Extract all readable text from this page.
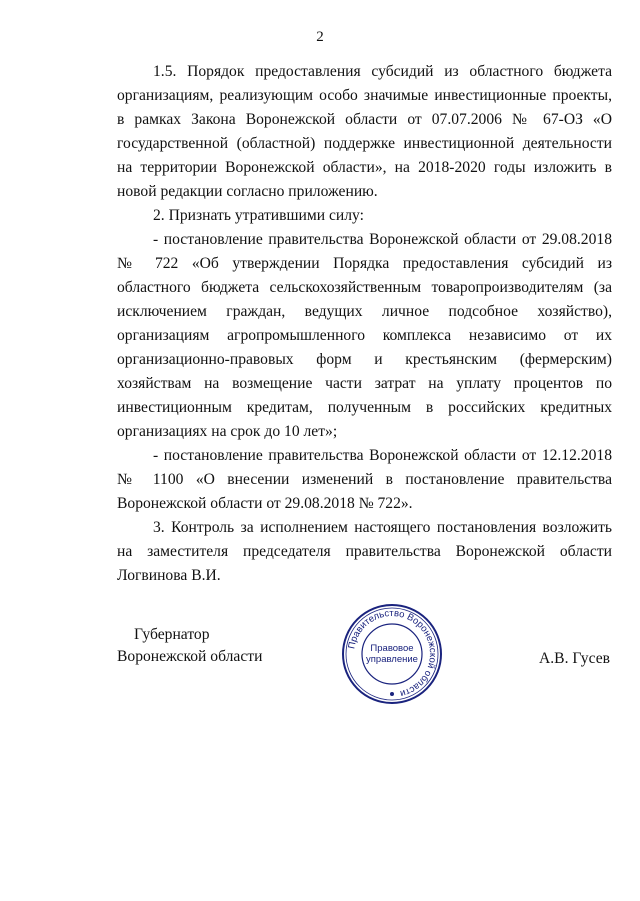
2

1.5. Порядок предоставления субсидий из областного бюджета организациям, реализующим особо значимые инвестиционные проекты, в рамках Закона Воронежской области от 07.07.2006 № 67-ОЗ «О государственной (областной) поддержке инвестиционной деятельности на территории Воронежской области», на 2018-2020 годы изложить в новой редакции согласно приложению.

2. Признать утратившими силу:

- постановление правительства Воронежской области от 29.08.2018 № 722 «Об утверждении Порядка предоставления субсидий из областного бюджета сельскохозяйственным товаропроизводителям (за исключением граждан, ведущих личное подсобное хозяйство), организациям агропромышленного комплекса независимо от их организационно-правовых форм и крестьянским (фермерским) хозяйствам на возмещение части затрат на уплату процентов по инвестиционным кредитам, полученным в российских кредитных организациях на срок до 10 лет»;

- постановление правительства Воронежской области от 12.12.2018 № 1100 «О внесении изменений в постановление правительства Воронежской области от 29.08.2018 № 722».

3. Контроль за исполнением настоящего постановления возложить на заместителя председателя правительства Воронежской области Логвинова В.И.

Губернатор
Воронежской области
Правительство Воронежской области
Правовое
управление	А.В. Гусев
